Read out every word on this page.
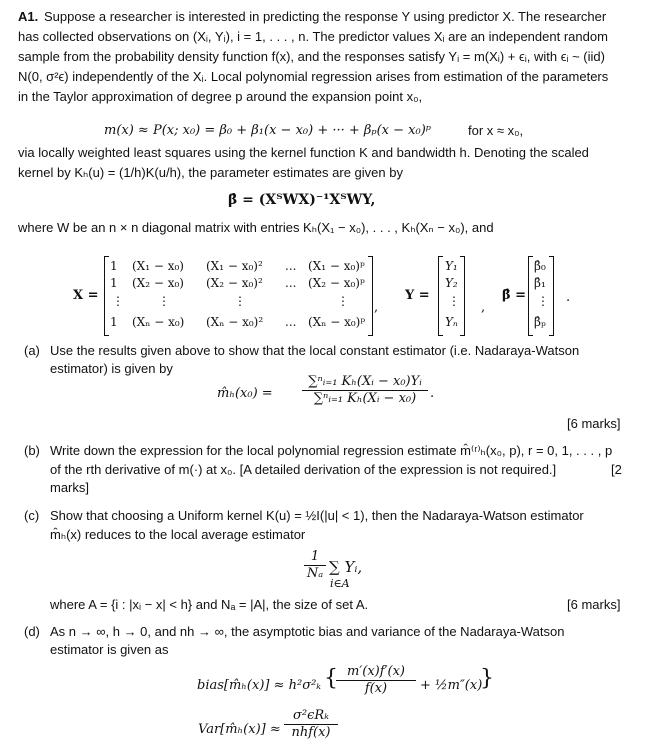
A1. Suppose a researcher is interested in predicting the response Y using predictor X. The researcher
has collected observations on (Xᵢ, Yᵢ), i = 1, . . . , n. The predictor values Xᵢ are an independent random
sample from the probability density function f(x), and the responses satisfy Yᵢ = m(Xᵢ) + ϵᵢ, with ϵᵢ ~ (iid)
N(0, σ²ϵ) independently of the Xᵢ. Local polynomial regression arises from estimation of the parameters
in the Taylor approximation of degree p around the expansion point x₀,
m(x) ≈ P(x; x₀) = β₀ + β₁(x − x₀) + ··· + βₚ(x − x₀)ᵖ	for x ≈ x₀,
via locally weighted least squares using the kernel function K and bandwidth h. Denoting the scaled
kernel by Kₕ(u) = (1/h)K(u/h), the parameter estimates are given by
β̂ = (XᵀWX)⁻¹XᵀWY,
where W be an n × n diagonal matrix with entries Kₕ(X₁ − x₀), . . . , Kₕ(Xₙ − x₀), and
X =
1 (X₁ − x₀) (X₁ − x₀)² ... (X₁ − x₀)ᵖ
1 (X₂ − x₀) (X₂ − x₀)² ... (X₂ − x₀)ᵖ
⋮	⋮	⋮	⋮
1 (Xₙ − x₀) (Xₙ − x₀)² ... (Xₙ − x₀)ᵖ
,
Y =
Y₁
Y₂
⋮
Yₙ
,
β̂ =
β̂₀
β̂₁
⋮
β̂ₚ
.
(a) Use the results given above to show that the local constant estimator (i.e. Nadaraya-Watson
estimator) is given by
m̂ₕ(x₀) = $\frac{\text{∑ⁿᵢ₌₁ Kₕ(Xᵢ − x₀)Yᵢ}}{\text{∑ⁿᵢ₌₁ Kₕ(Xᵢ − x₀)}}$ .
[6 marks]
(b) Write down the expression for the local polynomial regression estimate m̂⁽ʳ⁾ₕ(x₀, p), r = 0, 1, . . . , p
of the rth derivative of m(·) at x₀. [A detailed derivation of the expression is not required.]	[2
marks]
(c) Show that choosing a Uniform kernel K(u) = ½I(|u| < 1), then the Nadaraya-Watson estimator
m̂ₕ(x) reduces to the local average estimator
$\frac{1}{\text{Nₐ}}$ ∑ Yᵢ,
i∈A
where A = {i : |xᵢ − x| < h} and Nₐ = |A|, the size of set A.	[6 marks]
(d) As n → ∞, h → 0, and nh → ∞, the asymptotic bias and variance of the Nadaraya-Watson
estimator is given as
bias[m̂ₕ(x)] ≈ h²σ²ₖ {
$\frac{m'(x)f'(x)}{f(x)}$ + ½m″(x)
}
Var[m̂ₕ(x)] ≈
σ²ϵRₖ
nhf(x)
